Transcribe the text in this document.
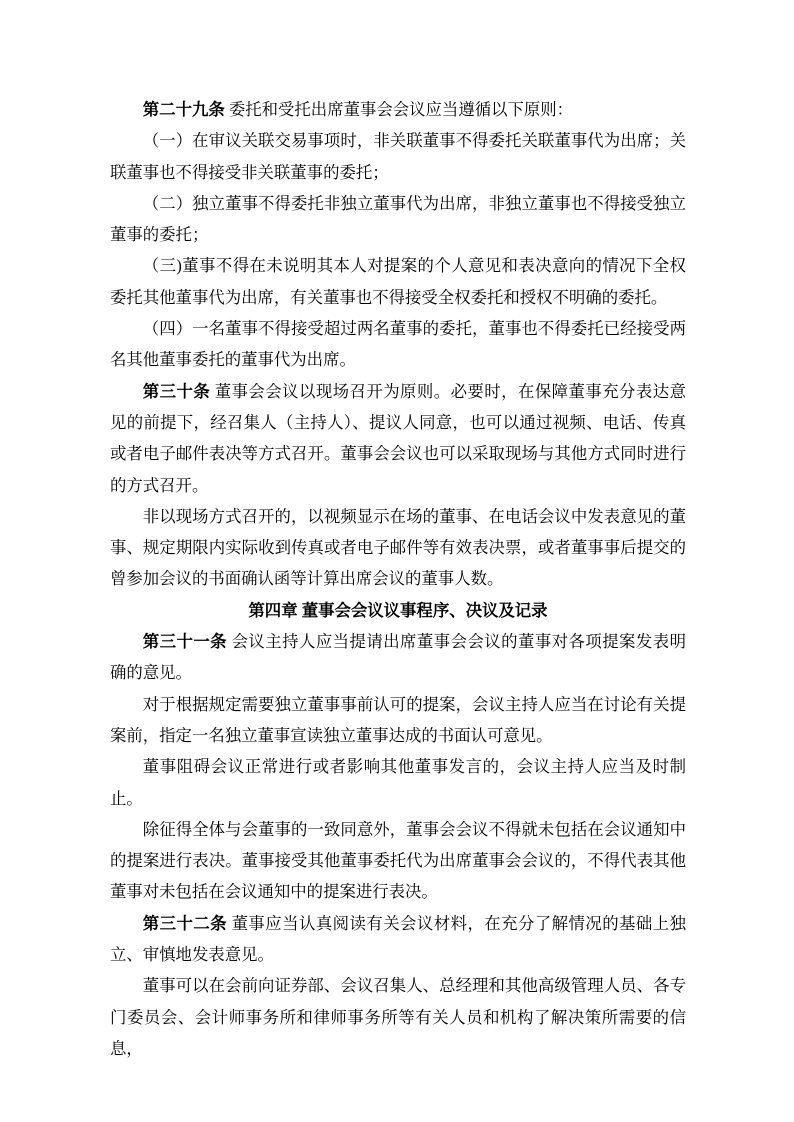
第二十九条 委托和受托出席董事会会议应当遵循以下原则：

（一）在审议关联交易事项时，非关联董事不得委托关联董事代为出席；关联董事也不得接受非关联董事的委托；

（二）独立董事不得委托非独立董事代为出席，非独立董事也不得接受独立董事的委托；

（三)董事不得在未说明其本人对提案的个人意见和表决意向的情况下全权委托其他董事代为出席，有关董事也不得接受全权委托和授权不明确的委托。

（四）一名董事不得接受超过两名董事的委托，董事也不得委托已经接受两名其他董事委托的董事代为出席。

第三十条 董事会会议以现场召开为原则。必要时，在保障董事充分表达意见的前提下，经召集人（主持人）、提议人同意，也可以通过视频、电话、传真或者电子邮件表决等方式召开。董事会会议也可以采取现场与其他方式同时进行的方式召开。

非以现场方式召开的，以视频显示在场的董事、在电话会议中发表意见的董事、规定期限内实际收到传真或者电子邮件等有效表决票，或者董事事后提交的曾参加会议的书面确认函等计算出席会议的董事人数。

第四章 董事会会议议事程序、决议及记录

第三十一条 会议主持人应当提请出席董事会会议的董事对各项提案发表明确的意见。

对于根据规定需要独立董事事前认可的提案，会议主持人应当在讨论有关提案前，指定一名独立董事宣读独立董事达成的书面认可意见。

董事阻碍会议正常进行或者影响其他董事发言的，会议主持人应当及时制止。

除征得全体与会董事的一致同意外，董事会会议不得就未包括在会议通知中的提案进行表决。董事接受其他董事委托代为出席董事会会议的，不得代表其他董事对未包括在会议通知中的提案进行表决。

第三十二条 董事应当认真阅读有关会议材料，在充分了解情况的基础上独立、审慎地发表意见。

董事可以在会前向证券部、会议召集人、总经理和其他高级管理人员、各专门委员会、会计师事务所和律师事务所等有关人员和机构了解决策所需要的信息，
